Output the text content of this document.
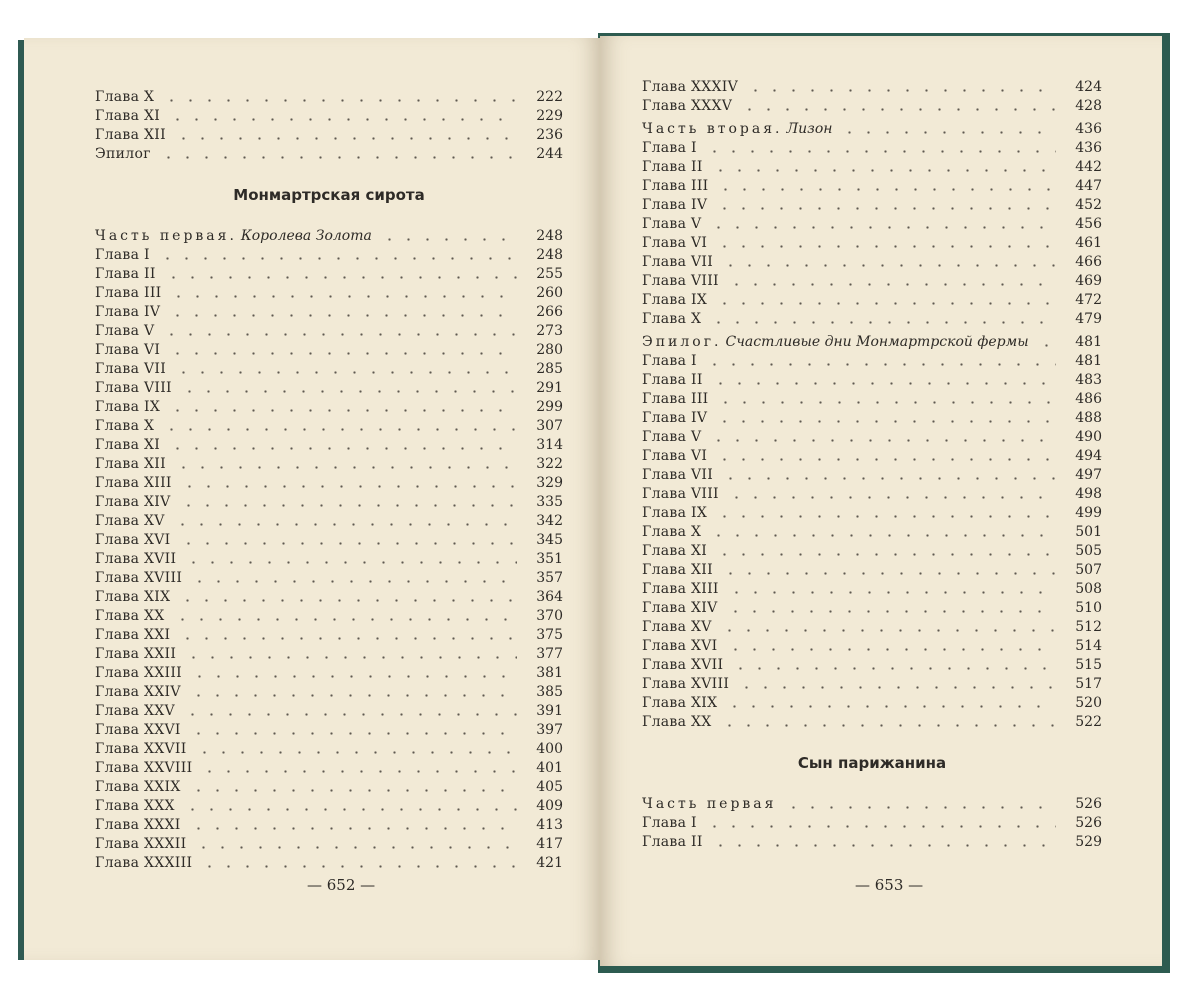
Глава X	222
Глава XI	229
Глава XII	236
Эпилог	244
Монмартрская сирота
Часть первая. Королева Золота	248
Глава I	248
Глава II	255
Глава III	260
Глава IV	266
Глава V	273
Глава VI	280
Глава VII	285
Глава VIII	291
Глава IX	299
Глава X	307
Глава XI	314
Глава XII	322
Глава XIII	329
Глава XIV	335
Глава XV	342
Глава XVI	345
Глава XVII	351
Глава XVIII	357
Глава XIX	364
Глава XX	370
Глава XXI	375
Глава XXII	377
Глава XXIII	381
Глава XXIV	385
Глава XXV	391
Глава XXVI	397
Глава XXVII	400
Глава XXVIII	401
Глава XXIX	405
Глава XXX	409
Глава XXXI	413
Глава XXXII	417
Глава XXXIII	421
— 652 —
Глава XXXIV	424
Глава XXXV	428
Часть вторая. Лизон	436
Глава I	436
Глава II	442
Глава III	447
Глава IV	452
Глава V	456
Глава VI	461
Глава VII	466
Глава VIII	469
Глава IX	472
Глава X	479
Эпилог. Счастливые дни Монмартрской фермы	481
Глава I	481
Глава II	483
Глава III	486
Глава IV	488
Глава V	490
Глава VI	494
Глава VII	497
Глава VIII	498
Глава IX	499
Глава X	501
Глава XI	505
Глава XII	507
Глава XIII	508
Глава XIV	510
Глава XV	512
Глава XVI	514
Глава XVII	515
Глава XVIII	517
Глава XIX	520
Глава XX	522
Сын парижанина
Часть первая	526
Глава I	526
Глава II	529
— 653 —
